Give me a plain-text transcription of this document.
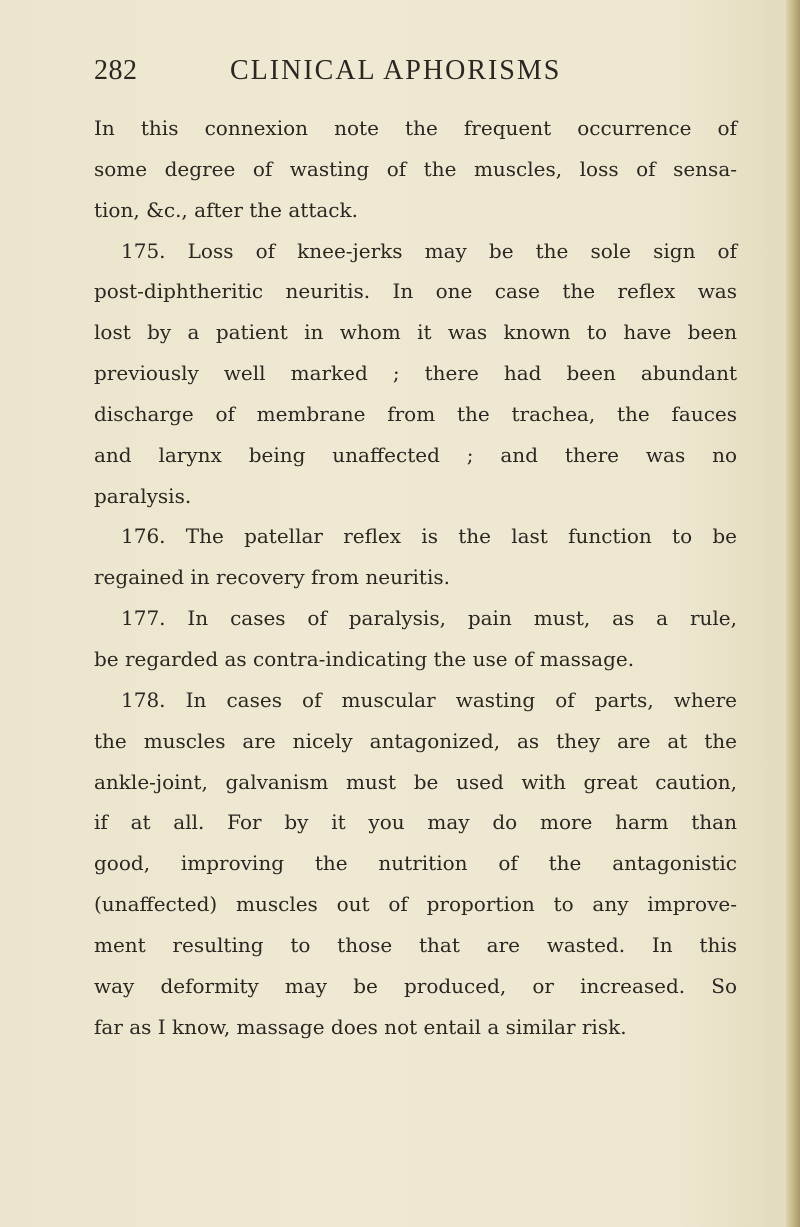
282	CLINICAL APHORISMS
In this connexion note the frequent occurrence of
some degree of wasting of the muscles, loss of sensa-
tion, &c., after the attack.
175. Loss of knee-jerks may be the sole sign of
post-diphtheritic neuritis. In one case the reflex was
lost by a patient in whom it was known to have been
previously well marked ; there had been abundant
discharge of membrane from the trachea, the fauces
and larynx being unaffected ; and there was no
paralysis.
176. The patellar reflex is the last function to be
regained in recovery from neuritis.
177. In cases of paralysis, pain must, as a rule,
be regarded as contra-indicating the use of massage.
178. In cases of muscular wasting of parts, where
the muscles are nicely antagonized, as they are at the
ankle-joint, galvanism must be used with great caution,
if at all. For by it you may do more harm than
good, improving the nutrition of the antagonistic
(unaffected) muscles out of proportion to any improve-
ment resulting to those that are wasted. In this
way deformity may be produced, or increased. So
far as I know, massage does not entail a similar risk.
